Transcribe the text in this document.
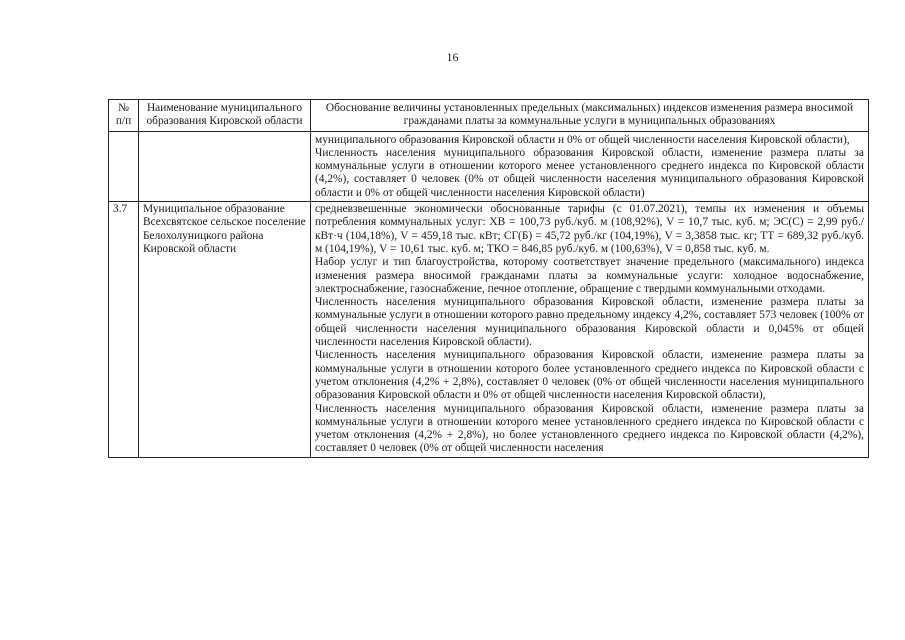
16
№ п/п	Наименование муниципального образования Кировской области	Обоснование величины установленных предельных (максимальных) индексов изменения размера вносимой гражданами платы за коммунальные услуги в муниципальных образованиях

		муниципального образования Кировской области и 0% от общей численности населения Кировской области),
Численность населения муниципального образования Кировской области, изменение размера платы за коммунальные услуги в отношении которого менее установленного среднего индекса по Кировской области (4,2%), составляет 0 человек (0% от общей численности населения муниципального образования Кировской области и 0% от общей численности населения Кировской области)

3.7	Муниципальное образование Всехсвятское сельское поселение Белохолуницкого района Кировской области	средневзвешенные экономически обоснованные тарифы (с 01.07.2021), темпы их изменения и объемы потребления коммунальных услуг: ХВ = 100,73 руб./куб. м (108,92%), V = 10,7 тыс. куб. м; ЭС(С) = 2,99 руб./кВт·ч (104,18%), V = 459,18 тыс. кВт; СГ(Б) = 45,72 руб./кг (104,19%), V = 3,3858 тыс. кг; ТТ = 689,32 руб./куб. м (104,19%), V = 10,61 тыс. куб. м; ТКО = 846,85 руб./куб. м (100,63%), V = 0,858 тыс. куб. м.
Набор услуг и тип благоустройства, которому соответствует значение предельного (максимального) индекса изменения размера вносимой гражданами платы за коммунальные услуги: холодное водоснабжение, электроснабжение, газоснабжение, печное отопление, обращение с твердыми коммунальными отходами.
Численность населения муниципального образования Кировской области, изменение размера платы за коммунальные услуги в отношении которого равно предельному индексу 4,2%, составляет 573 человек (100% от общей численности населения муниципального образования Кировской области и 0,045% от общей численности населения Кировской области).
Численность населения муниципального образования Кировской области, изменение размера платы за коммунальные услуги в отношении которого более установленного среднего индекса по Кировской области с учетом отклонения (4,2% + 2,8%), составляет 0 человек (0% от общей численности населения муниципального образования Кировской области и 0% от общей численности населения Кировской области),
Численность населения муниципального образования Кировской области, изменение размера платы за коммунальные услуги в отношении которого менее установленного среднего индекса по Кировской области с учетом отклонения (4,2% + 2,8%), но более установленного среднего индекса по Кировской области (4,2%), составляет 0 человек (0% от общей численности населения
